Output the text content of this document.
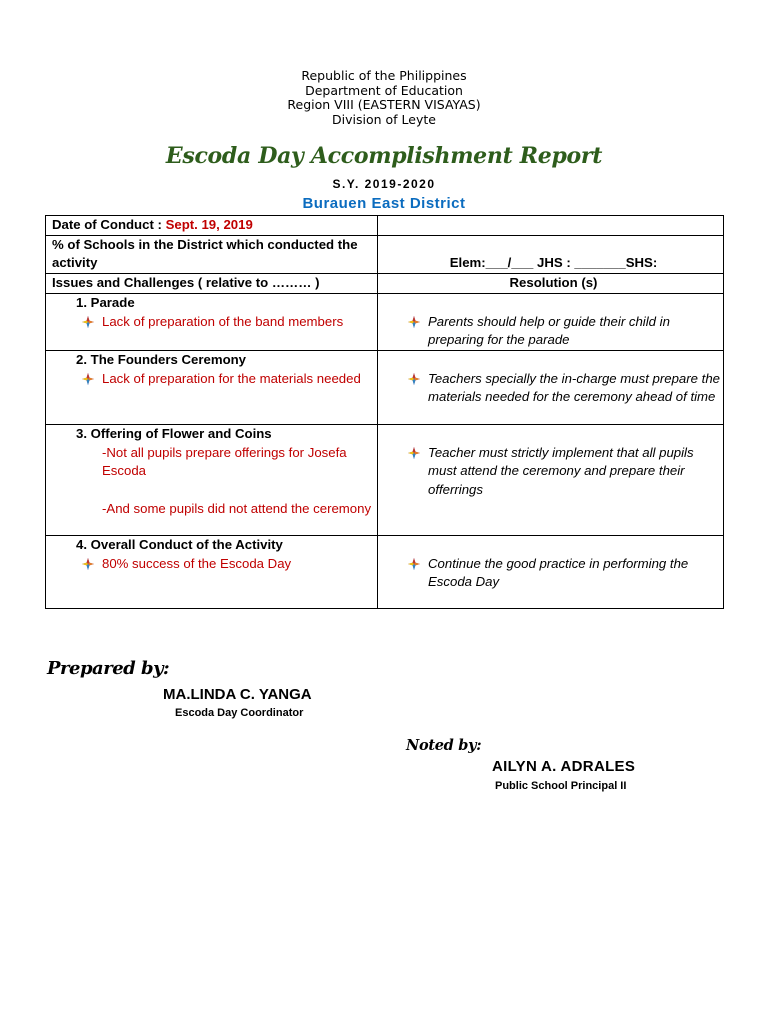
Republic of the Philippines
Department of Education
Region VIII (EASTERN VISAYAS)
Division of Leyte
Escoda Day Accomplishment Report
S.Y. 2019-2020
Burauen East District
Date of Conduct : Sept. 19, 2019	
% of Schools in the District which conducted the activity	Elem:___/___ JHS : _______SHS:
Issues and Challenges ( relative to ……… )	Resolution (s)

1. Parade
Lack of preparation of the band members	Parents should help or guide their child in preparing for the parade

2. The Founders Ceremony
Lack of preparation for the materials needed	Teachers specially the in-charge must prepare the materials needed for the ceremony ahead of time

3. Offering of Flower and Coins
-Not all pupils prepare offerings for Josefa Escoda
-And some pupils did not attend the ceremony	Teacher must strictly implement that all pupils must attend the ceremony and prepare their offerrings

4. Overall Conduct of the Activity
80% success of the Escoda Day	Continue the good practice in performing the Escoda Day
Prepared by:
MA.LINDA C. YANGA
Escoda Day Coordinator
Noted by:
AILYN A. ADRALES
Public School Principal II
